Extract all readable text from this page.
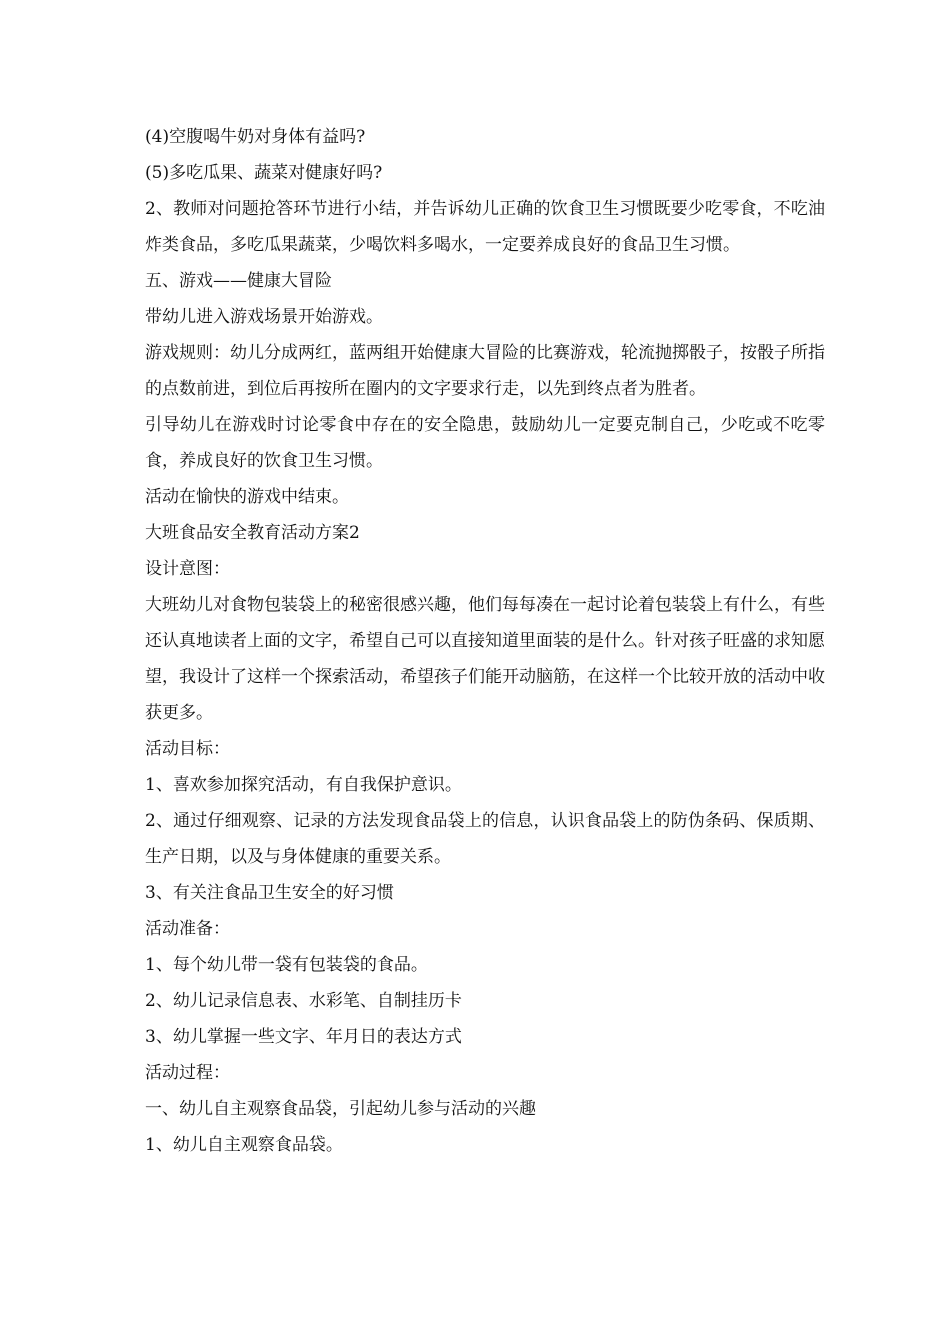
(4)空腹喝牛奶对身体有益吗?

(5)多吃瓜果、蔬菜对健康好吗?

2、教师对问题抢答环节进行小结，并告诉幼儿正确的饮食卫生习惯既要少吃零食，不吃油炸类食品，多吃瓜果蔬菜，少喝饮料多喝水，一定要养成良好的食品卫生习惯。

五、游戏——健康大冒险

带幼儿进入游戏场景开始游戏。

游戏规则：幼儿分成两红，蓝两组开始健康大冒险的比赛游戏，轮流抛掷骰子，按骰子所指的点数前进，到位后再按所在圈内的文字要求行走，以先到终点者为胜者。

引导幼儿在游戏时讨论零食中存在的安全隐患，鼓励幼儿一定要克制自己，少吃或不吃零食，养成良好的饮食卫生习惯。

活动在愉快的游戏中结束。

大班食品安全教育活动方案2

设计意图：

大班幼儿对食物包装袋上的秘密很感兴趣，他们每每凑在一起讨论着包装袋上有什么，有些还认真地读者上面的文字，希望自己可以直接知道里面装的是什么。针对孩子旺盛的求知愿望，我设计了这样一个探索活动，希望孩子们能开动脑筋，在这样一个比较开放的活动中收获更多。

活动目标：

1、喜欢参加探究活动，有自我保护意识。

2、通过仔细观察、记录的方法发现食品袋上的信息，认识食品袋上的防伪条码、保质期、生产日期，以及与身体健康的重要关系。

3、有关注食品卫生安全的好习惯

活动准备：

1、每个幼儿带一袋有包装袋的食品。

2、幼儿记录信息表、水彩笔、自制挂历卡

3、幼儿掌握一些文字、年月日的表达方式

活动过程：

一、幼儿自主观察食品袋，引起幼儿参与活动的兴趣

1、幼儿自主观察食品袋。
